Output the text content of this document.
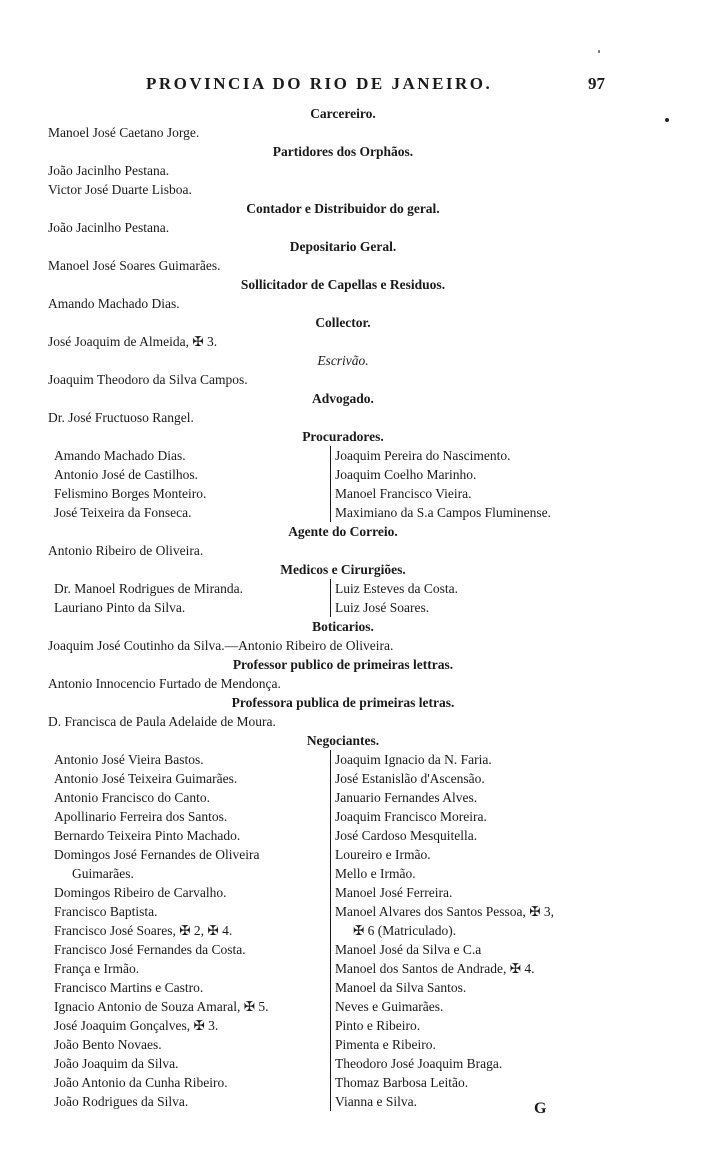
PROVINCIA DO RIO DE JANEIRO.	97
Carcereiro.
Manoel José Caetano Jorge.
Partidores dos Orphãos.
João Jacinlho Pestana.
Victor José Duarte Lisboa.
Contador e Distribuidor do geral.
João Jacinlho Pestana.
Depositario Geral.
Manoel José Soares Guimarães.
Sollicitador de Capellas e Residuos.
Amando Machado Dias.
Collector.
José Joaquim de Almeida, ✠ 3.
Escrivão.
Joaquim Theodoro da Silva Campos.
Advogado.
Dr. José Fructuoso Rangel.
Procuradores.
Amando Machado Dias.
Antonio José de Castilhos.
Felismino Borges Monteiro.
José Teixeira da Fonseca.
Joaquim Pereira do Nascimento.
Joaquim Coelho Marinho.
Manoel Francisco Vieira.
Maximiano da S.a Campos Fluminense.
Agente do Correio.
Antonio Ribeiro de Oliveira.
Medicos e Cirurgiões.
Dr. Manoel Rodrigues de Miranda.
Lauriano Pinto da Silva.
Luiz Esteves da Costa.
Luiz José Soares.
Boticarios.
Joaquim José Coutinho da Silva.—Antonio Ribeiro de Oliveira.
Professor publico de primeiras lettras.
Antonio Innocencio Furtado de Mendonça.
Professora publica de primeiras letras.
D. Francisca de Paula Adelaide de Moura.
Negociantes.
Antonio José Vieira Bastos.
Antonio José Teixeira Guimarães.
Antonio Francisco do Canto.
Apollinario Ferreira dos Santos.
Bernardo Teixeira Pinto Machado.
Domingos José Fernandes de Oliveira
Guimarães.
Domingos Ribeiro de Carvalho.
Francisco Baptista.
Francisco José Soares, ✠ 2, ✠ 4.
Francisco José Fernandes da Costa.
França e Irmão.
Francisco Martins e Castro.
Ignacio Antonio de Souza Amaral, ✠ 5.
José Joaquim Gonçalves, ✠ 3.
João Bento Novaes.
João Joaquim da Silva.
João Antonio da Cunha Ribeiro.
João Rodrigues da Silva.
Joaquim Ignacio da N. Faria.
José Estanislão d'Ascensão.
Januario Fernandes Alves.
Joaquim Francisco Moreira.
José Cardoso Mesquitella.
Loureiro e Irmão.
Mello e Irmão.
Manoel José Ferreira.
Manoel Alvares dos Santos Pessoa, ✠ 3,
✠ 6 (Matriculado).
Manoel José da Silva e C.a
Manoel dos Santos de Andrade, ✠ 4.
Manoel da Silva Santos.
Neves e Guimarães.
Pinto e Ribeiro.
Pimenta e Ribeiro.
Theodoro José Joaquim Braga.
Thomaz Barbosa Leitão.
Vianna e Silva.	G
